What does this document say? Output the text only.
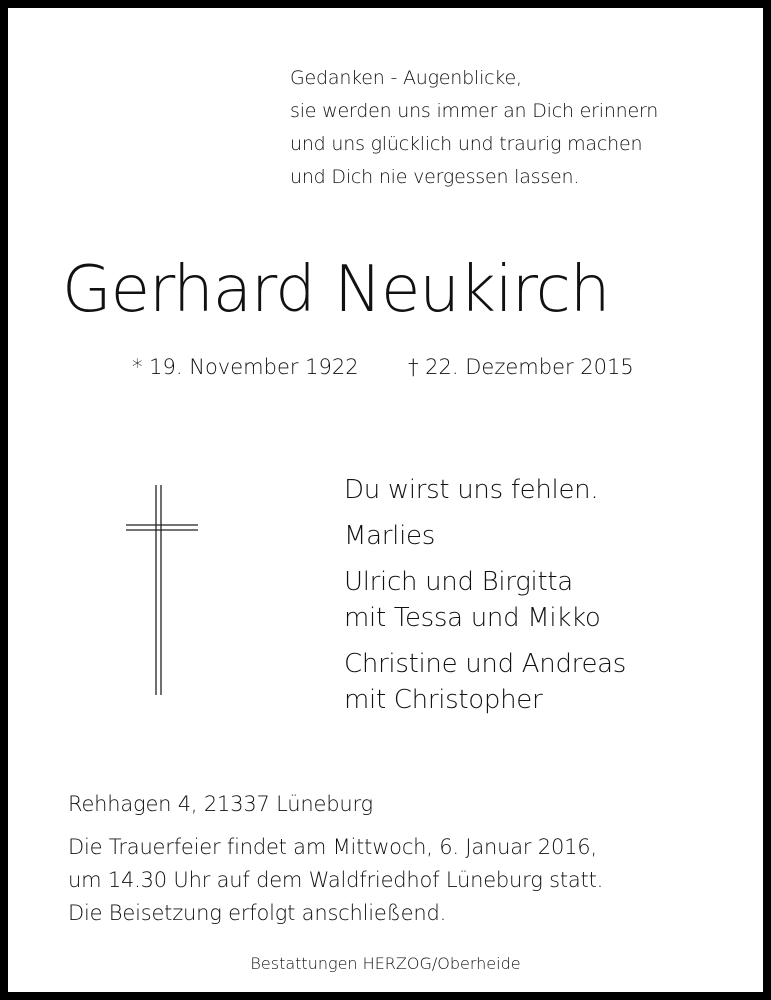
Gedanken - Augenblicke,
sie werden uns immer an Dich erinnern
und uns glücklich und traurig machen
und Dich nie vergessen lassen.
Gerhard Neukirch
* 19. November 1922 † 22. Dezember 2015
Du wirst uns fehlen.
Marlies
Ulrich und Birgitta
mit Tessa und Mikko
Christine und Andreas
mit Christopher
Rehhagen 4, 21337 Lüneburg
Die Trauerfeier findet am Mittwoch, 6. Januar 2016,
um 14.30 Uhr auf dem Waldfriedhof Lüneburg statt.
Die Beisetzung erfolgt anschließend.
Bestattungen HERZOG/Oberheide
